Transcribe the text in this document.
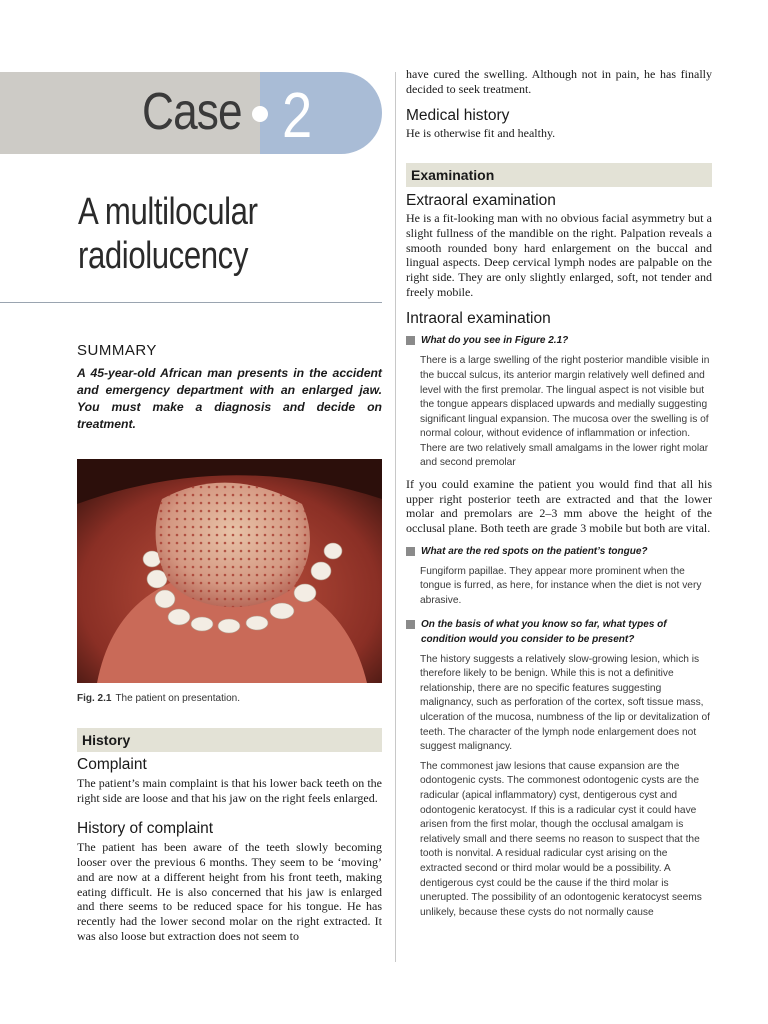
Case 2
A multilocular radiolucency

SUMMARY

A 45-year-old African man presents in the accident and emergency department with an enlarged jaw. You must make a diagnosis and decide on treatment.

Fig. 2.1 The patient on presentation.

History

Complaint

The patient’s main complaint is that his lower back teeth on the right side are loose and that his jaw on the right feels enlarged.

History of complaint

The patient has been aware of the teeth slowly becoming looser over the previous 6 months. They seem to be ‘moving’ and are now at a different height from his front teeth, making eating difficult. He is also concerned that his jaw is enlarged and there seems to be reduced space for his tongue. He has recently had the lower second molar on the right extracted. It was also loose but extraction does not seem to

have cured the swelling. Although not in pain, he has finally decided to seek treatment.

Medical history

He is otherwise fit and healthy.

Examination

Extraoral examination

He is a fit-looking man with no obvious facial asymmetry but a slight fullness of the mandible on the right. Palpation reveals a smooth rounded bony hard enlargement on the buccal and lingual aspects. Deep cervical lymph nodes are palpable on the right side. They are only slightly enlarged, soft, not tender and freely mobile.

Intraoral examination

What do you see in Figure 2.1?

There is a large swelling of the right posterior mandible visible in the buccal sulcus, its anterior margin relatively well defined and level with the first premolar. The lingual aspect is not visible but the tongue appears displaced upwards and medially suggesting significant lingual expansion. The mucosa over the swelling is of normal colour, without evidence of inflammation or infection. There are two relatively small amalgams in the lower right molar and second premolar

If you could examine the patient you would find that all his upper right posterior teeth are extracted and that the lower molar and premolars are 2–3 mm above the height of the occlusal plane. Both teeth are grade 3 mobile but both are vital.

What are the red spots on the patient’s tongue?

Fungiform papillae. They appear more prominent when the tongue is furred, as here, for instance when the diet is not very abrasive.

On the basis of what you know so far, what types of condition would you consider to be present?

The history suggests a relatively slow-growing lesion, which is therefore likely to be benign. While this is not a definitive relationship, there are no specific features suggesting malignancy, such as perforation of the cortex, soft tissue mass, ulceration of the mucosa, numbness of the lip or devitalization of teeth. The character of the lymph node enlargement does not suggest malignancy.

The commonest jaw lesions that cause expansion are the odontogenic cysts. The commonest odontogenic cysts are the radicular (apical inflammatory) cyst, dentigerous cyst and odontogenic keratocyst. If this is a radicular cyst it could have arisen from the first molar, though the occlusal amalgam is relatively small and there seems no reason to suspect that the tooth is nonvital. A residual radicular cyst arising on the extracted second or third molar would be a possibility. A dentigerous cyst could be the cause if the third molar is unerupted. The possibility of an odontogenic keratocyst seems unlikely, because these cysts do not normally cause
